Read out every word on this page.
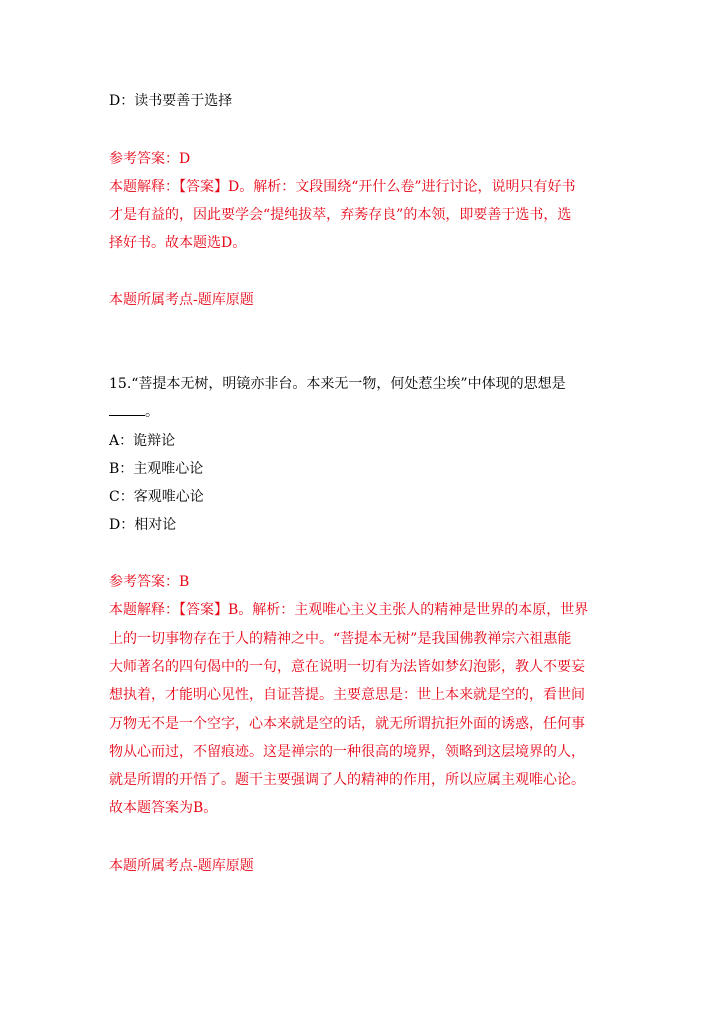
D：读书要善于选择
参考答案：D
本题解释：【答案】D。解析：文段围绕“开什么卷”进行讨论，说明只有好书
才是有益的，因此要学会“提纯拔萃，弃莠存良”的本领，即要善于选书，选
择好书。故本题选D。
本题所属考点-题库原题
15.“菩提本无树，明镜亦非台。本来无一物，何处惹尘埃”中体现的思想是
。
A：诡辩论
B：主观唯心论
C：客观唯心论
D：相对论
参考答案：B
本题解释：【答案】B。解析：主观唯心主义主张人的精神是世界的本原，世界
上的一切事物存在于人的精神之中。“菩提本无树”是我国佛教禅宗六祖惠能
大师著名的四句偈中的一句，意在说明一切有为法皆如梦幻泡影，教人不要妄
想执着，才能明心见性，自证菩提。主要意思是：世上本来就是空的，看世间
万物无不是一个空字，心本来就是空的话，就无所谓抗拒外面的诱惑，任何事
物从心而过，不留痕迹。这是禅宗的一种很高的境界，领略到这层境界的人，
就是所谓的开悟了。题干主要强调了人的精神的作用，所以应属主观唯心论。
故本题答案为B。
本题所属考点-题库原题
